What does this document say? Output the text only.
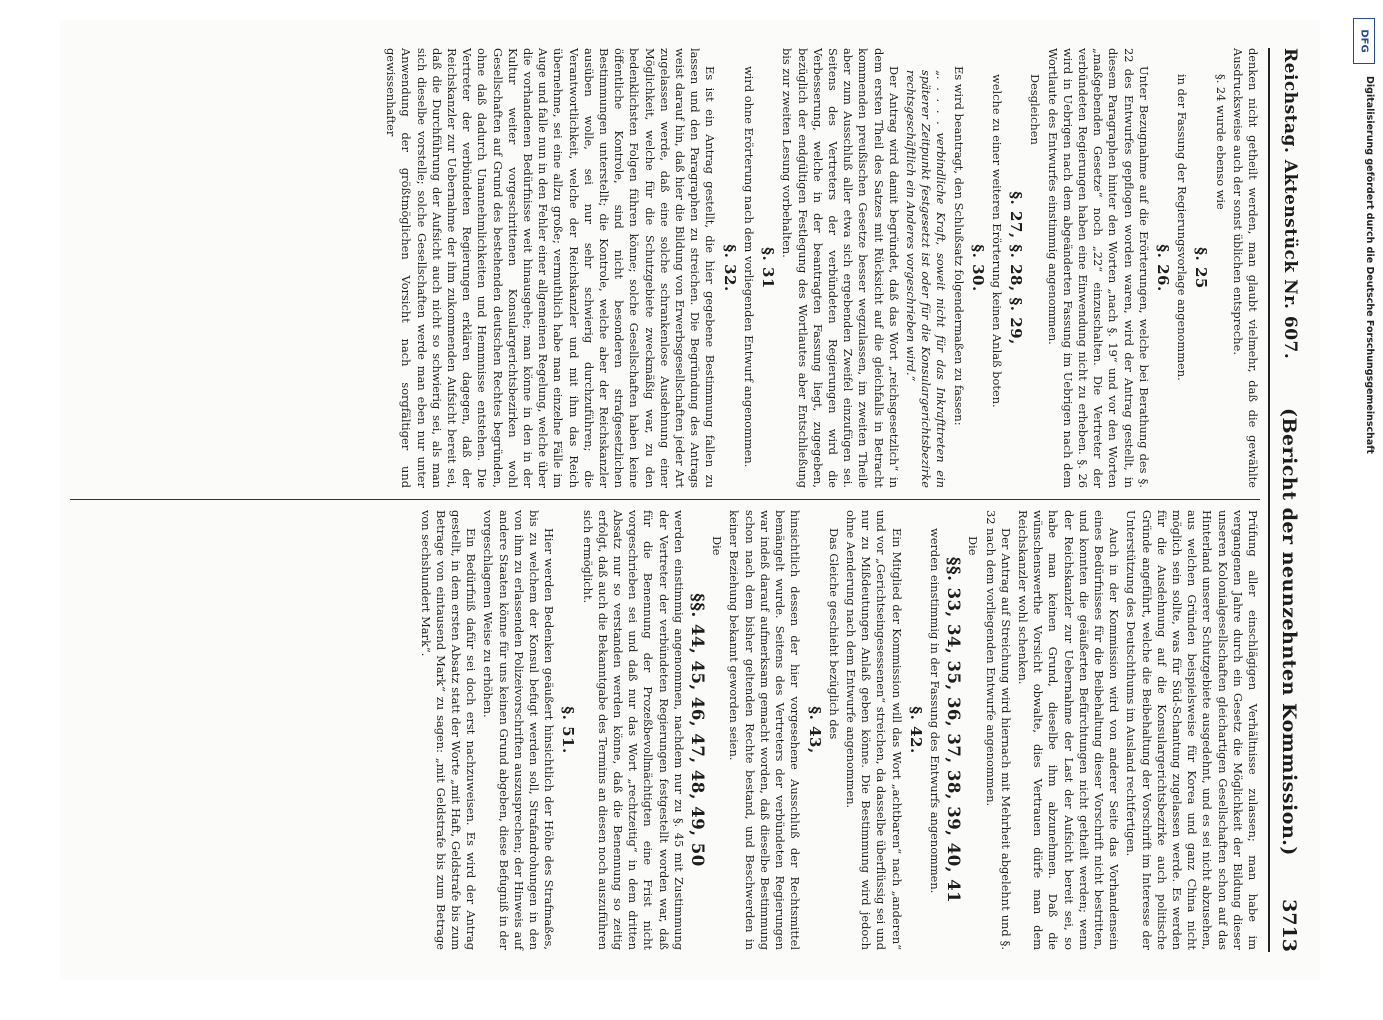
Reichstag. Aktenstück Nr. 607.
(Bericht der neunzehnten Kommission.)
3713

denken nicht getheilt werden, man glaubt vielmehr, daß die gewählte Ausdrucksweise auch der sonst üblichen entspreche.

§. 24 wurde ebenso wie

§. 25

in der Fassung der Regierungsvorlage angenommen.

§. 26.

Unter Bezugnahme auf die Erörterungen, welche bei Berathung des §. 22 des Entwurfes gepflogen worden waren, wird der Antrag gestellt, in diesem Paragraphen hinter den Worten „nach §. 19“ und vor den Worten „maßgebenden Gesetze“ noch „22“ einzuschalten. Die Vertreter der verbündeten Regierungen haben eine Einwendung nicht zu erheben. §. 26 wird in Uebrigen nach dem abgeänderten Fassung im Uebrigen nach dem Wortlaute des Entwurfes einstimmig angenommen.

Desgleichen

§. 27, §. 28, §. 29,

welche zu einer weiteren Erörterung keinen Anlaß boten.

§. 30.

Es wird beantragt, den Schlußsatz folgendermaßen zu fassen:

„. . . . . verbindliche Kraft, soweit nicht für das Inkrafttreten ein späterer Zeitpunkt festgesetzt ist oder für die Konsulargerichtsbezirke rechtsgeschäftlich ein Anderes vorgeschrieben wird.“

Der Antrag wird damit begründet, daß das Wort „reichsgesetzlich“ in dem ersten Theil des Satzes mit Rücksicht auf die gleichfalls in Betracht kommenden preußischen Gesetze besser wegzulassen, im zweiten Theile aber zum Ausschluß aller etwa sich ergebenden Zweifel einzufügen sei. Seitens des Vertreters der verbündeten Regierungen wird die Verbesserung, welche in der beantragten Fassung liegt, zugegeben, bezüglich der endgültigen Festlegung des Wortlautes aber Entschließung bis zur zweiten Lesung vorbehalten.

§. 31

wird ohne Erörterung nach dem vorliegenden Entwurf angenommen.

§. 32.

Es ist ein Antrag gestellt, die hier gegebene Bestimmung fallen zu lassen und den Paragraphen zu streichen. Die Begründung des Antrags weist darauf hin, daß hier die Bildung von Erwerbsgesellschaften jeder Art zugelassen werde, daß eine solche schrankenlose Ausdehnung einer Möglichkeit, welche für die Schutzgebiete zweckmäßig war, zu den bedenklichsten Folgen führen könne; solche Gesellschaften haben keine öffentliche Kontrole, sind nicht besonderen strafgesetzlichen Bestimmungen unterstellt; die Kontrole, welche aber der Reichskanzler ausüben wolle, sei nur sehr schwierig durchzuführen; die Verantwortlichkeit, welche der Reichskanzler und mit ihm das Reich übernehme, sei eine allzu große; vermuthlich habe man einzelne Fälle im Auge und falle nun in den Fehler einer allgemeinen Regelung, welche über die vorhandenen Bedürfnisse weit hinausgehe; man könne in den in der Kultur weiter vorgeschrittenen Konsulargerichtsbezirken wohl Gesellschaften auf Grund des bestehenden deutschen Rechtes begründen, ohne daß dadurch Unannehmlichkeiten und Hemmnisse entstehen. Die Vertreter der verbündeten Regierungen erklären dagegen, daß der Reichskanzler zur Uebernahme der ihm zukommenden Aufsicht bereit sei, daß die Durchführung der Aufsicht auch nicht so schwierig sei, als man sich dieselbe vorstelle; solche Gesellschaften werde man eben nur unter Anwendung der größtmöglichen Vorsicht nach sorgfältiger und gewissenhafter

Prüfung aller einschlägigen Verhältnisse zulassen; man habe im vergangenen Jahre durch ein Gesetz die Möglichkeit der Bildung dieser unseren Kolonialgesellschaften gleichartigen Gesellschaften schon auf das Hinterland unserer Schutzgebiete ausgedehnt, und es sei nicht abzusehen, aus welchen Gründen beispielsweise für Korea und ganz China nicht möglich sein sollte, was für Süd-Schantung zugelassen werde. Es werden für die Ausdehnung auf die Konsulargerichtsbezirke auch politische Gründe angeführt, welche die Beibehaltung der Vorschrift im Interesse der Unterstützung des Deutschthums im Ausland rechtfertigen.

Auch in der Kommission wird von anderer Seite das Vorhandensein eines Bedürfnisses für die Beibehaltung dieser Vorschrift nicht bestritten, und konnten die geäußerten Befürchtungen nicht getheilt werden; wenn der Reichskanzler zur Uebernahme der Last der Aufsicht bereit sei, so habe man keinen Grund, dieselbe ihm abzunehmen. Daß die wünschenswerthe Vorsicht obwalte, dies Vertrauen dürfe man dem Reichskanzler wohl schenken.

Der Antrag auf Streichung wird hiernach mit Mehrheit abgelehnt und §. 32 nach dem vorliegenden Entwurfe angenommen.

Die

§§. 33, 34, 35, 36, 37, 38, 39, 40, 41

werden einstimmig in der Fassung des Entwurfs angenommen.

§. 42.

Ein Mitglied der Kommission will das Wort „achtbaren“ nach „anderen“ und vor „Gerichtseingesessenen“ streichen, da dasselbe überflüssig sei und nur zu Mißdeutungen Anlaß geben könne. Die Bestimmung wird jedoch ohne Aenderung nach dem Entwurfe angenommen.

Das Gleiche geschieht bezüglich des

§. 43,

hinsichtlich dessen der hier vorgesehene Ausschluß der Rechtsmittel bemängelt wurde. Seitens des Vertreters der verbündeten Regierungen war indeß darauf aufmerksam gemacht worden, daß dieselbe Bestimmung schon nach dem bisher geltenden Rechte bestand, und Beschwerden in keiner Beziehung bekannt geworden seien.

Die

§§. 44, 45, 46, 47, 48, 49, 50

werden einstimmig angenommen, nachdem nur zu §. 45 mit Zustimmung der Vertreter der verbündeten Regierungen festgestellt worden war, daß für die Benennung der Prozeßbevollmächtigten eine Frist nicht vorgeschrieben sei und daß nur das Wort „rechtzeitig“ in dem dritten Absatz nur so verstanden werden könne, daß die Benennung so zeitig erfolgt, daß auch die Bekanntgabe des Termins an diesen noch auszuführen sich ermöglicht.

§. 51.

Hier werden Bedenken geäußert hinsichtlich der Höhe des Strafmaßes, bis zu welchem der Konsul befugt werden soll, Strafandrohungen in den von ihm zu erlassenden Polizeivorschriften auszusprechen; der Hinweis auf andere Staaten könne für uns keinen Grund abgeben, diese Befugniß in der vorgeschlagenen Weise zu erhöhen.

Ein Bedürfniß dafür sei doch erst nachzuweisen. Es wird der Antrag gestellt, in dem ersten Absatz statt der Worte „mit Haft, Geldstrafe bis zum Betrage von eintausend Mark“ zu sagen: „mit Geldstrafe bis zum Betrage von sechshundert Mark“.

DFG
Digitalisierung gefördert durch die Deutsche Forschungsgemeinschaft
